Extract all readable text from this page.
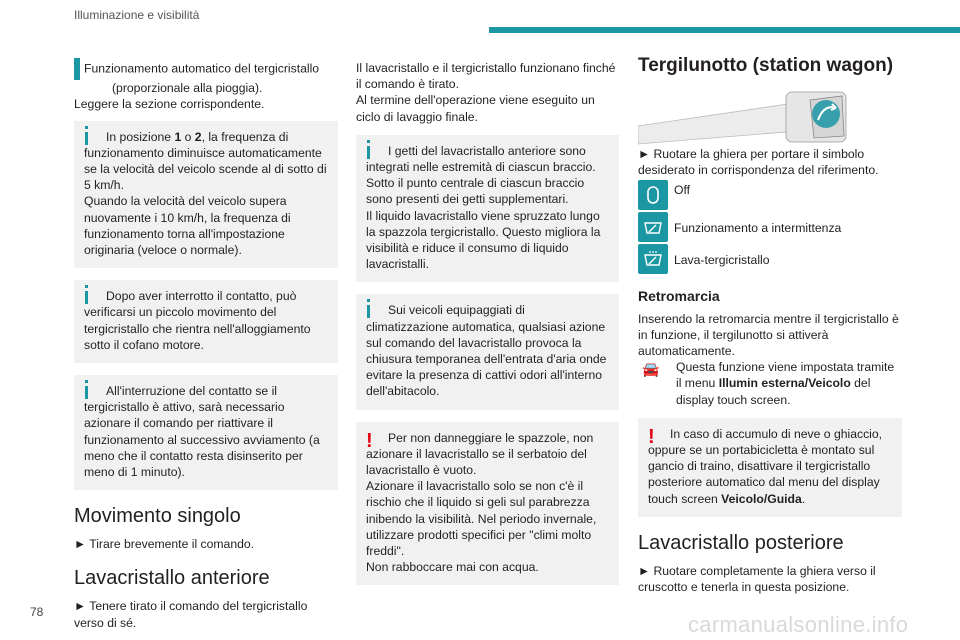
Illuminazione e visibilità

AUTO Funzionamento automatico del tergicristallo (proporzionale alla pioggia).

Leggere la sezione corrispondente.

In posizione 1 o 2, la frequenza di funzionamento diminuisce automaticamente se la velocità del veicolo scende al di sotto di 5 km/h.

Quando la velocità del veicolo supera nuovamente i 10 km/h, la frequenza di funzionamento torna all'impostazione originaria (veloce o normale).

Dopo aver interrotto il contatto, può verificarsi un piccolo movimento del tergicristallo che rientra nell'alloggiamento sotto il cofano motore.

All'interruzione del contatto se il tergicristallo è attivo, sarà necessario azionare il comando per riattivare il funzionamento al successivo avviamento (a meno che il contatto resta disinserito per meno di 1 minuto).

Movimento singolo

► Tirare brevemente il comando.

Lavacristallo anteriore

► Tenere tirato il comando del tergicristallo verso di sé.

Il lavacristallo e il tergicristallo funzionano finché il comando è tirato.

Al termine dell'operazione viene eseguito un ciclo di lavaggio finale.

I getti del lavacristallo anteriore sono integrati nelle estremità di ciascun braccio.

Sotto il punto centrale di ciascun braccio sono presenti dei getti supplementari.

Il liquido lavacristallo viene spruzzato lungo la spazzola tergicristallo. Questo migliora la visibilità e riduce il consumo di liquido lavacristalli.

Sui veicoli equipaggiati di climatizzazione automatica, qualsiasi azione sul comando del lavacristallo provoca la chiusura temporanea dell'entrata d'aria onde evitare la presenza di cattivi odori all'interno dell'abitacolo.

!	Per non danneggiare le spazzole, non azionare il lavacristallo se il serbatoio del lavacristallo è vuoto.

Azionare il lavacristallo solo se non c'è il rischio che il liquido si geli sul parabrezza inibendo la visibilità. Nel periodo invernale, utilizzare prodotti specifici per "climi molto freddi".

Non rabboccare mai con acqua.

Tergilunotto (station wagon)

► Ruotare la ghiera per portare il simbolo desiderato in corrispondenza del riferimento.

Off
Funzionamento a intermittenza
Lava-tergicristallo
Retromarcia

Inserendo la retromarcia mentre il tergicristallo è in funzione, il tergilunotto si attiverà automaticamente.

🚘 Questa funzione viene impostata tramite il menu Illumin esterna/Veicolo del display touch screen.

!	In caso di accumulo di neve o ghiaccio, oppure se un portabicicletta è montato sul gancio di traino, disattivare il tergicristallo posteriore automatico dal menu del display touch screen Veicolo/Guida.

Lavacristallo posteriore

► Ruotare completamente la ghiera verso il cruscotto e tenerla in questa posizione.

78	carmanualsonline.info
